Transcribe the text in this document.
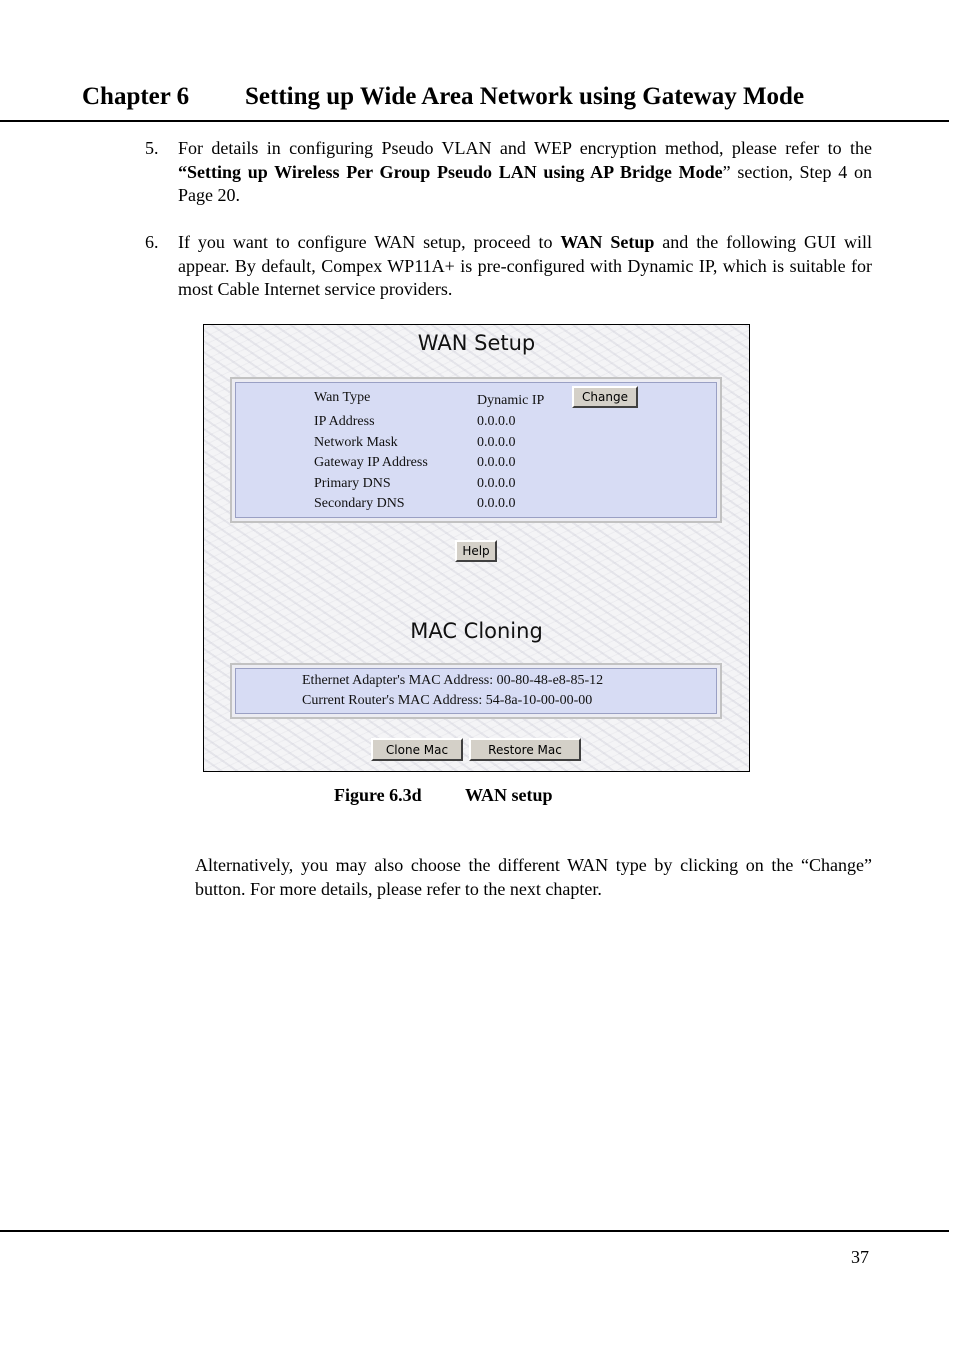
Chapter 6 Setting up Wide Area Network using Gateway Mode
5. For details in configuring Pseudo VLAN and WEP encryption method, please refer to the “Setting up Wireless Per Group Pseudo LAN using AP Bridge Mode” section, Step 4 on Page 20.

6. If you want to configure WAN setup, proceed to WAN Setup and the following GUI will appear. By default, Compex WP11A+ is pre-configured with Dynamic IP, which is suitable for most Cable Internet service providers.

WAN Setup
Wan Type	Dynamic IP
IP Address	0.0.0.0
Network Mask	0.0.0.0
Gateway IP Address	0.0.0.0
Primary DNS	0.0.0.0
Secondary DNS	0.0.0.0
Change
Help
MAC Cloning
Ethernet Adapter's MAC Address: 00-80-48-e8-85-12
Current Router's MAC Address: 54-8a-10-00-00-00
Clone Mac	Restore Mac
Figure 6.3d WAN setup

Alternatively, you may also choose the different WAN type by clicking on the “Change” button. For more details, please refer to the next chapter.

37
